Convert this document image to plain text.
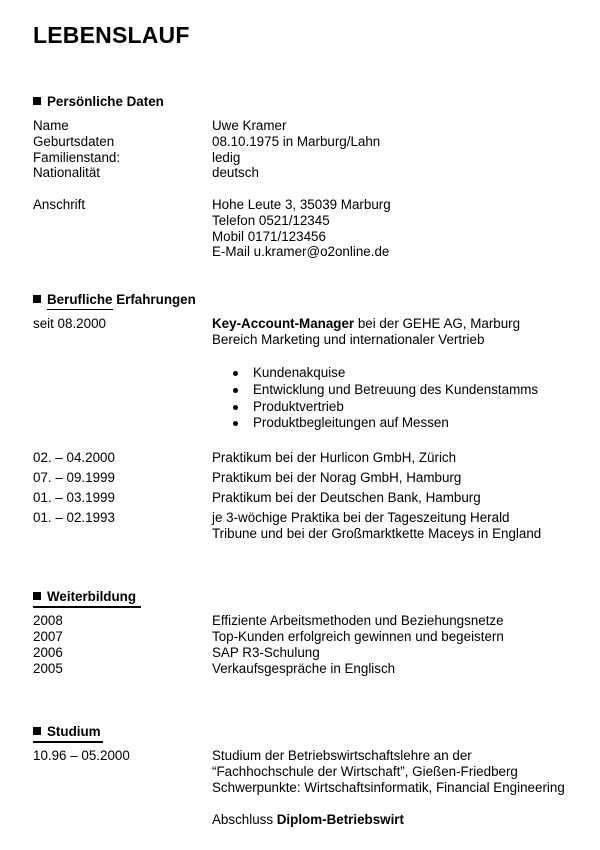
LEBENSLAUF
Persönliche Daten
Name	Uwe Kramer
Geburtsdaten	08.10.1975 in Marburg/Lahn
Familienstand:	ledig
Nationalität	deutsch
Anschrift	Hohe Leute 3, 35039 Marburg
Telefon 0521/12345
Mobil 0171/123456
E-Mail u.kramer@o2online.de
Berufliche Erfahrungen
seit 08.2000	Key-Account-Manager bei der GEHE AG, Marburg
Bereich Marketing und internationaler Vertrieb
Kundenakquise
Entwicklung und Betreuung des Kundenstamms
Produktvertrieb
Produktbegleitungen auf Messen
02. – 04.2000	Praktikum bei der Hurlicon GmbH, Zürich
07. – 09.1999	Praktikum bei der Norag GmbH, Hamburg
01. – 03.1999	Praktikum bei der Deutschen Bank, Hamburg
01. – 02.1993	je 3-wöchige Praktika bei der Tageszeitung Herald
Tribune und bei der Großmarktkette Maceys in England
Weiterbildung
2008	Effiziente Arbeitsmethoden und Beziehungsnetze
2007	Top-Kunden erfolgreich gewinnen und begeistern
2006	SAP R3-Schulung
2005	Verkaufsgespräche in Englisch
Studium
10.96 – 05.2000	Studium der Betriebswirtschaftslehre an der
“Fachhochschule der Wirtschaft”, Gießen-Friedberg
Schwerpunkte: Wirtschaftsinformatik, Financial Engineering
Abschluss Diplom-Betriebswirt
